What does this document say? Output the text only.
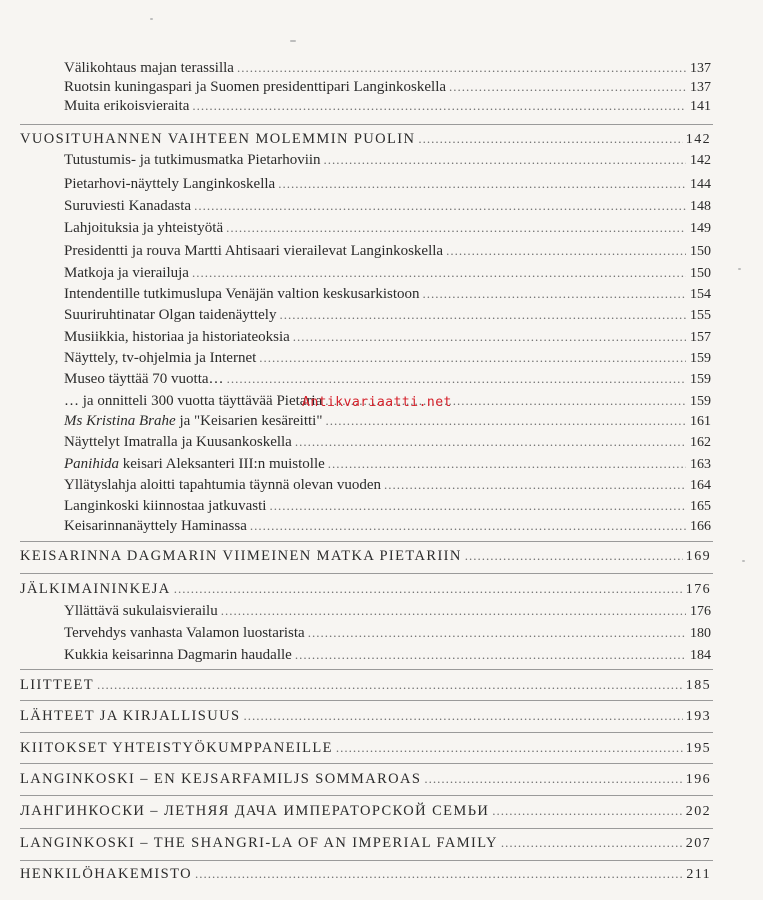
Välikohtaus majan terassilla .....	137
Ruotsin kuningaspari ja Suomen presidenttipari Langinkoskella .....	137
Muita erikoisvieraita .....	141
VUOSITUHANNEN VAIHTEEN MOLEMMIN PUOLIN .....	142
Tutustumis- ja tutkimusmatka Pietarhoviin .....	142
Pietarhovi-näyttely Langinkoskella .....	144
Suruviesti Kanadasta .....	148
Lahjoituksia ja yhteistyötä .....	149
Presidentti ja rouva Martti Ahtisaari vierailevat Langinkoskella .....	150
Matkoja ja vierailuja .....	150
Intendentille tutkimuslupa Venäjän valtion keskusarkistoon .....	154
Suuriruhtinatar Olgan taidenäyttely .....	155
Musiikkia, historiaa ja historiateoksia .....	157
Näyttely, tv-ohjelmia ja Internet .....	159
Museo täyttää 70 vuotta… .....	159
… ja onnitteli 300 vuotta täyttävää Pietaria .....	159
Ms Kristina Brahe ja "Keisarien kesäreitti" .....	161
Näyttelyt Imatralla ja Kuusankoskella .....	162
Panihida keisari Aleksanteri III:n muistolle .....	163
Yllätyslahja aloitti tapahtumia täynnä olevan vuoden .....	164
Langinkoski kiinnostaa jatkuvasti .....	165
Keisarinnanäyttely Haminassa .....	166
KEISARINNA DAGMARIN VIIMEINEN MATKA PIETARIIN .....	169
JÄLKIMAININKEJA .....	176
Yllättävä sukulaisvierailu .....	176
Tervehdys vanhasta Valamon luostarista .....	180
Kukkia keisarinna Dagmarin haudalle .....	184
LIITTEET .....	185
LÄHTEET JA KIRJALLISUUS .....	193
KIITOKSET YHTEISTYÖKUMPPANEILLE .....	195
LANGINKOSKI – EN KEJSARFAMILJS SOMMAROAS .....	196
ЛАНГИНКОСКИ – ЛЕТНЯЯ ДАЧА ИМПЕРАТОРСКОЙ СЕМЬИ .....	202
LANGINKOSKI – THE SHANGRI-LA OF AN IMPERIAL FAMILY .....	207
HENKILÖHAKEMISTO .....	211
Antikvariaatti.net
